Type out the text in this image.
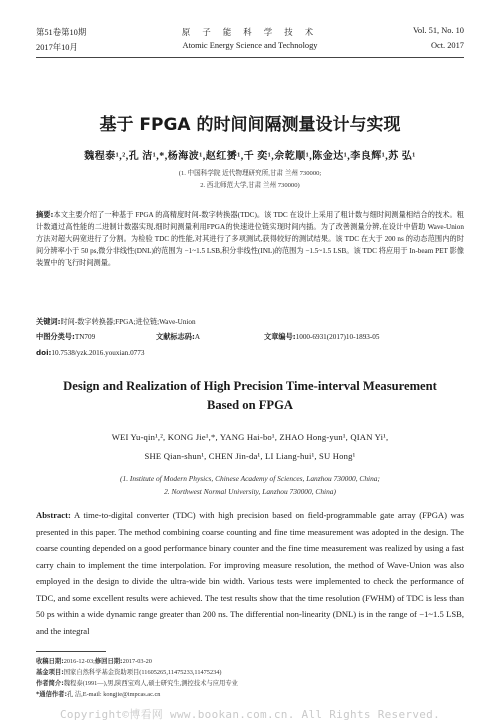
第51卷第10期	原 子 能 科 学 技 术	Vol. 51, No. 10
2017年10月	Atomic Energy Science and Technology	Oct. 2017
基于 FPGA 的时间间隔测量设计与实现
魏程泰¹,²,孔 洁¹,*,杨海波¹,赵红赟¹,千 奕¹,佘乾顺¹,陈金达¹,李良辉¹,苏 弘¹
(1. 中国科学院 近代物理研究所,甘肃 兰州 730000;
2. 西北师范大学,甘肃 兰州 730000)
摘要:本文主要介绍了一种基于 FPGA 的高精度时间-数字转换器(TDC)。该 TDC 在设计上采用了粗计数与细时间测量相结合的技术。粗计数通过高性能的二进制计数器实现,细时间测量利用FPGA的快速进位链实现时间内插。为了改善测量分辨,在设计中借助 Wave-Union 方法对超大码宽进行了分割。为检验 TDC 的性能,对其进行了多项测试,获得较好的测试结果。该 TDC 在大于 200 ns 的动态范围内的时间分辨率小于 50 ps,微分非线性(DNL)的范围为 −1~1.5 LSB,积分非线性(INL)的范围为 −1.5~1.5 LSB。该 TDC 将应用于 In-beam PET 影像装置中的飞行时间测量。
关键词:时间-数字转换器;FPGA;进位链;Wave-Union
中图分类号:TN709	文献标志码:A	文章编号:1000-6931(2017)10-1893-05
doi:10.7538/yzk.2016.youxian.0773
Design and Realization of High Precision Time-interval Measurement
Based on FPGA
WEI Yu-qin¹,², KONG Jie¹,*, YANG Hai-bo¹, ZHAO Hong-yun¹, QIAN Yi¹,
SHE Qian-shun¹, CHEN Jin-da¹, LI Liang-hui¹, SU Hong¹
(1. Institute of Modern Physics, Chinese Academy of Sciences, Lanzhou 730000, China;
2. Northwest Normal University, Lanzhou 730000, China)
Abstract: A time-to-digital converter (TDC) with high precision based on field-programmable gate array (FPGA) was presented in this paper. The method combining coarse counting and fine time measurement was adopted in the design. The coarse counting depended on a good performance binary counter and the fine time measurement was realized by using a fast carry chain to implement the time interpolation. For improving measure resolution, the method of Wave-Union was also employed in the design to divide the ultra-wide bin width. Various tests were implemented to check the performance of TDC, and some excellent results were achieved. The test results show that the time resolution (FWHM) of TDC is less than 50 ps within a wide dynamic range greater than 200 ns. The differential non-linearity (DNL) is in the range of −1~1.5 LSB, and the integral
收稿日期:2016-12-03;修回日期:2017-03-20
基金项目:国家自然科学基金资助项目(11605265,11475233,11475234)
作者简介:魏程泰(1991—),男,陕西宝鸡人,硕士研究生,测控技术与应用专业
*通信作者:孔 洁,E-mail: kongjie@impcas.ac.cn
Copyright©博看网 www.bookan.com.cn. All Rights Reserved.
